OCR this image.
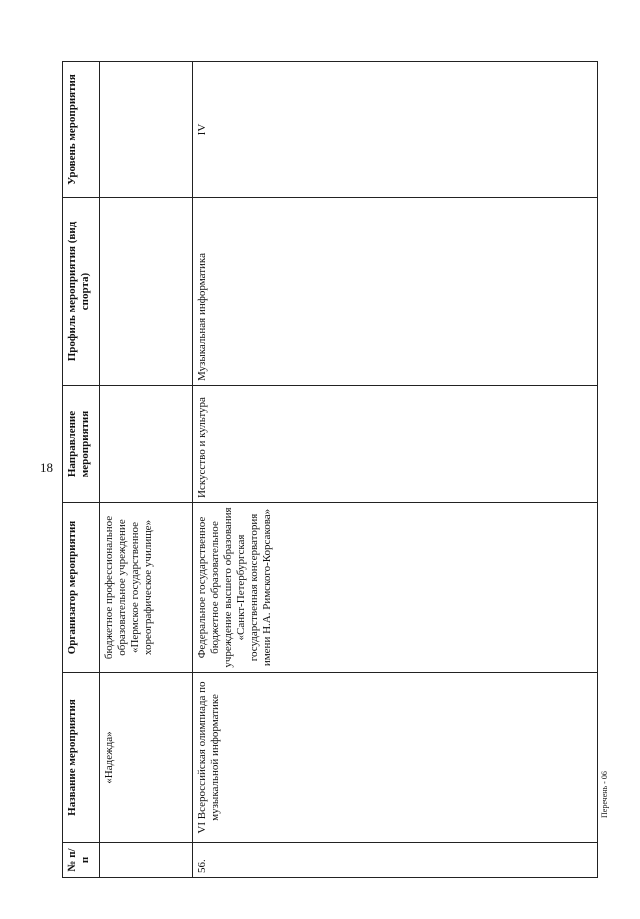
18
№ п/п	Название мероприятия	Организатор мероприятия	Направление мероприятия	Профиль мероприятия (вид спорта)	Уровень мероприятия
	«Надежда»	бюджетное профессиональное образовательное учреждение «Пермское государственное хореографическое училище»			
56.	VI Всероссийская олимпиада по музыкальной информатике	Федеральное государственное бюджетное образовательное учреждение высшего образования «Санкт-Петербургская государственная консерватория имени Н.А. Римского-Корсакова»	Искусство и культура	Музыкальная информатика	IV
Перечень - 06
